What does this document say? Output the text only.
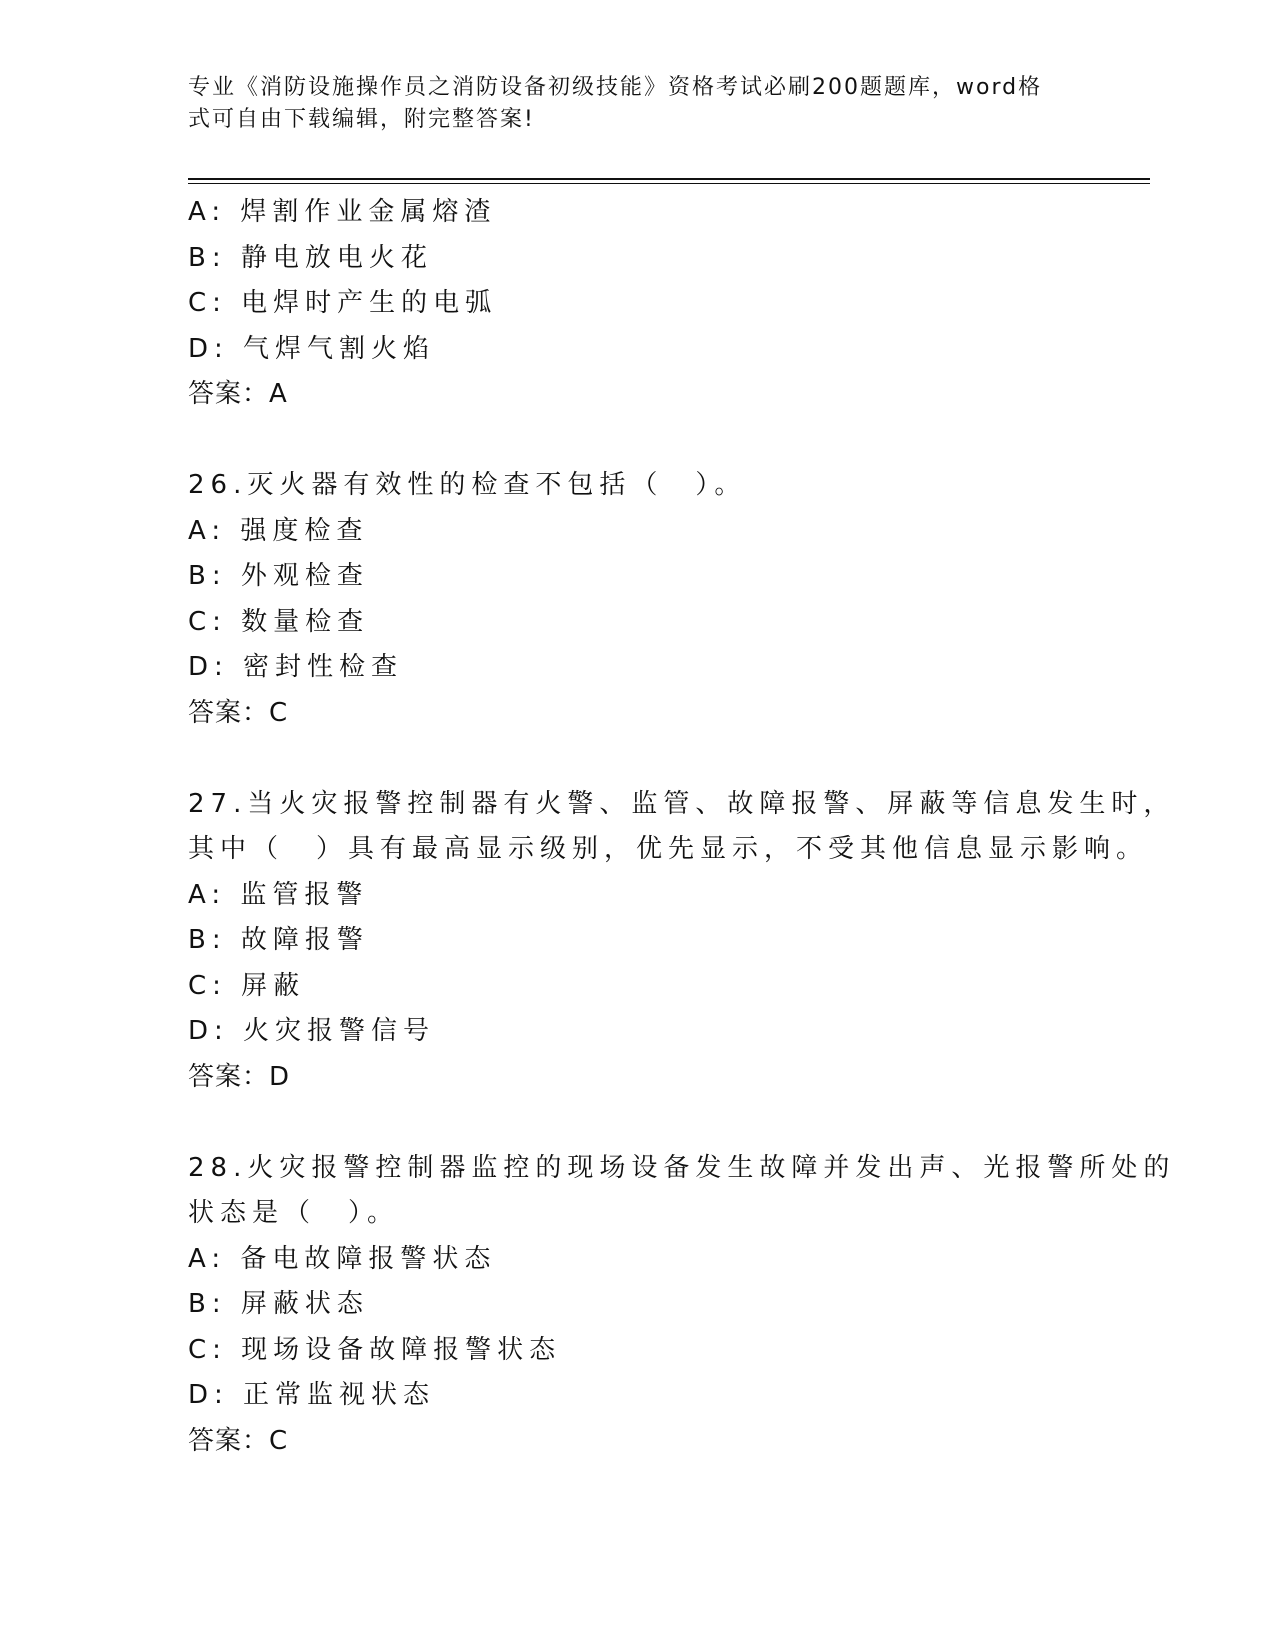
专业《消防设施操作员之消防设备初级技能》资格考试必刷200题题库，word格
式可自由下载编辑，附完整答案!
A: 焊割作业金属熔渣
B: 静电放电火花
C: 电焊时产生的电弧
D: 气焊气割火焰
答案：A
26.灭火器有效性的检查不包括（　）。
A: 强度检查
B: 外观检查
C: 数量检查
D: 密封性检查
答案：C
27.当火灾报警控制器有火警、监管、故障报警、屏蔽等信息发生时，
其中（　）具有最高显示级别，优先显示，不受其他信息显示影响。
A: 监管报警
B: 故障报警
C: 屏蔽
D: 火灾报警信号
答案：D
28.火灾报警控制器监控的现场设备发生故障并发出声、光报警所处的
状态是（　）。
A: 备电故障报警状态
B: 屏蔽状态
C: 现场设备故障报警状态
D: 正常监视状态
答案：C
